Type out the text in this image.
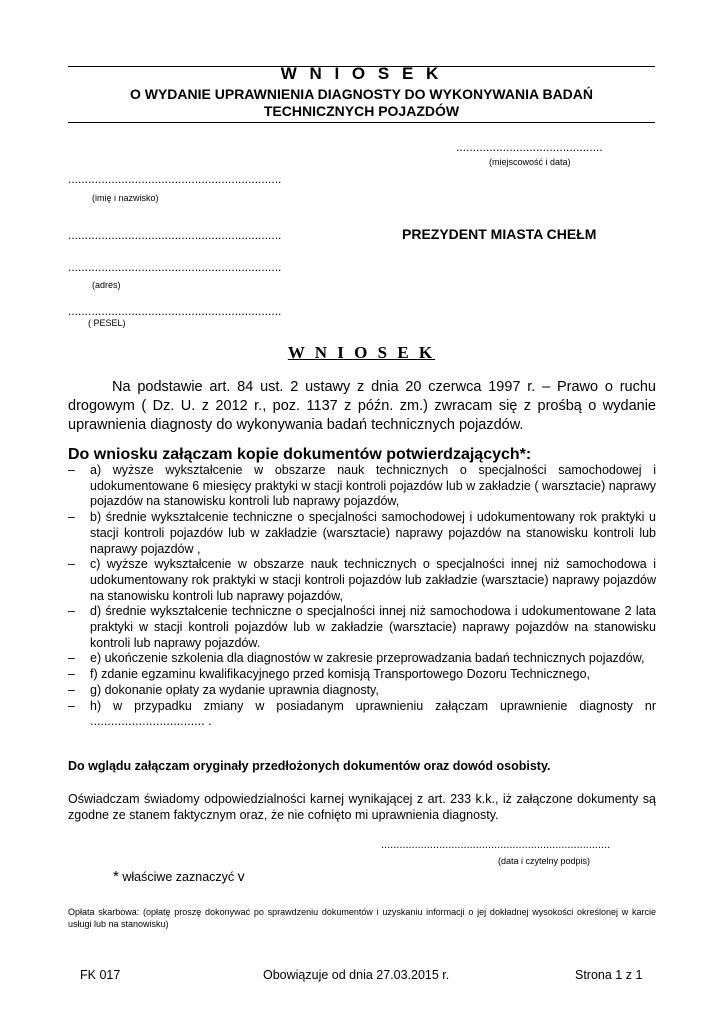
W N I O S E K
O WYDANIE UPRAWNIENIA DIAGNOSTY DO WYKONYWANIA BADAŃ
TECHNICZNYCH POJAZDÓW
............................................
(miejscowość i data)
................................................................
(imię i nazwisko)
................................................................	PREZYDENT MIASTA CHEŁM
................................................................
(adres)
................................................................
( PESEL)
W N I O S E K
Na podstawie art. 84 ust. 2 ustawy z dnia 20 czerwca 1997 r. – Prawo o ruchu drogowym ( Dz. U. z 2012 r., poz. 1137 z późn. zm.) zwracam się z prośbą o wydanie uprawnienia diagnosty do wykonywania badań technicznych pojazdów.
Do wniosku załączam kopie dokumentów potwierdzających*:
– a) wyższe wykształcenie w obszarze nauk technicznych o specjalności samochodowej i udokumentowane 6 miesięcy praktyki w stacji kontroli pojazdów lub w zakładzie ( warsztacie) naprawy pojazdów na stanowisku kontroli lub naprawy pojazdów,
– b) średnie wykształcenie techniczne o specjalności samochodowej i udokumentowany rok praktyki u stacji kontroli pojazdów lub w zakładzie (warsztacie) naprawy pojazdów na stanowisku kontroli lub naprawy pojazdów ,
– c) wyższe wykształcenie w obszarze nauk technicznych o specjalności innej niż samochodowa i udokumentowany rok praktyki w stacji kontroli pojazdów lub zakładzie (warsztacie) naprawy pojazdów na stanowisku kontroli lub naprawy pojazdów,
– d) średnie wykształcenie techniczne o specjalności innej niż samochodowa i udokumentowane 2 lata praktyki w stacji kontroli pojazdów lub w zakładzie (warsztacie) naprawy pojazdów na stanowisku kontroli lub naprawy pojazdów.
– e) ukończenie szkolenia dla diagnostów w zakresie przeprowadzania badań technicznych pojazdów,
– f) zdanie egzaminu kwalifikacyjnego przed komisją Transportowego Dozoru Technicznego,
– g) dokonanie opłaty za wydanie uprawnia diagnosty,
– h) w przypadku zmiany w posiadanym uprawnieniu załączam uprawnienie diagnosty nr ................................. .
Do wglądu załączam oryginały przedłożonych dokumentów oraz dowód osobisty.
Oświadczam świadomy odpowiedzialności karnej wynikającej z art. 233 k.k., iż załączone dokumenty są zgodne ze stanem faktycznym oraz, że nie cofnięto mi uprawnienia diagnosty.
...........................................................................
(data i czytelny podpis)
* właściwe zaznaczyć v
Opłata skarbowa: (opłatę proszę dokonywać po sprawdzeniu dokumentów i uzyskaniu informacji o jej dokładnej wysokości określonej w karcie usługi lub na stanowisku)
FK 017	Obowiązuje od dnia 27.03.2015 r.	Strona 1 z 1
